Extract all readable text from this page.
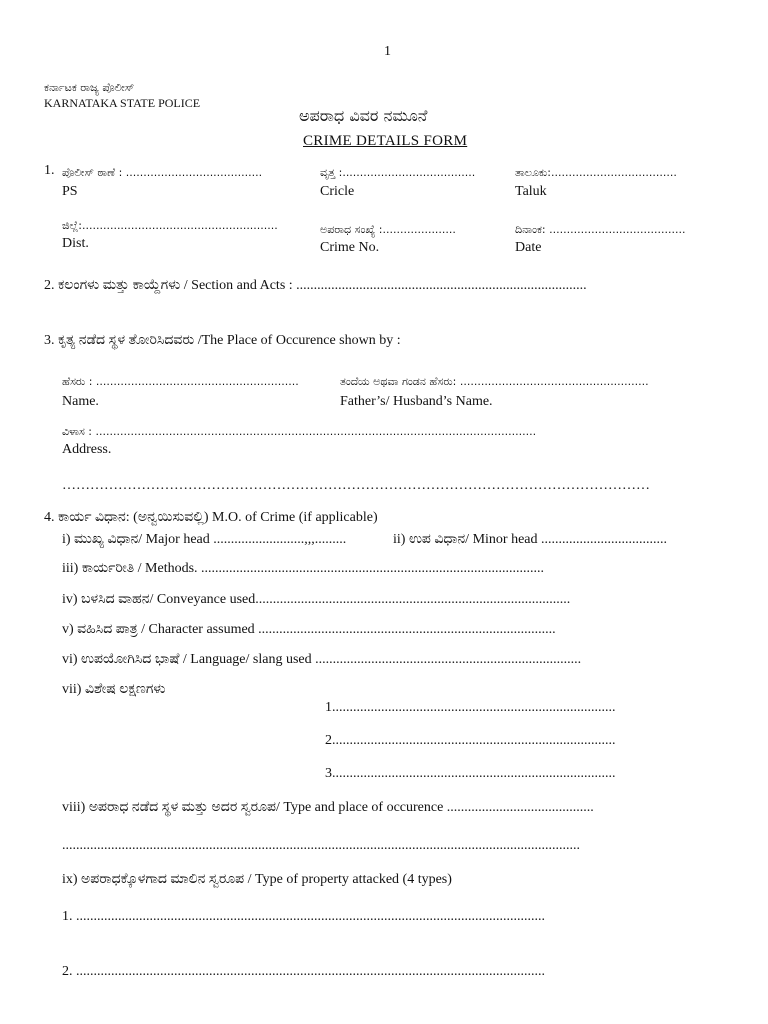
1
ಕರ್ನಾಟಕ ರಾಜ್ಯ ಪೊಲೀಸ್
KARNATAKA STATE POLICE
ಅಪರಾಧ ವಿವರ ನಮೂನೆ
CRIME DETAILS FORM
1. ಪೊಲೀಸ್ ಠಾಣೆ : .......................................
PS
ವೃತ್ತ :......................................
Cricle
ತಾಲೂಕು:....................................
Taluk
ಜಿಲ್ಲೆ:........................................................
Dist.
ಅಪರಾಧ ಸಂಖ್ಯೆ :.....................
Crime No.
ದಿನಾಂಕ: .......................................
Date
2. ಕಲಂಗಳು ಮತ್ತು ಕಾಯ್ದೆಗಳು / Section and Acts : ...................................................................................
3. ಕೃತ್ಯ ನಡೆದ ಸ್ಥಳ ತೋರಿಸಿದವರು /The Place of Occurence shown by :
ಹೆಸರು : ..........................................................
Name.
ತಂದೆಯ ಅಥವಾ ಗಂಡನ ಹೆಸರು: ......................................................
Father’s/ Husband’s Name.
ವಿಳಾಸ : ..............................................................................................................................
Address.
………………………………………………………………………………………………………………
4. ಕಾರ್ಯ ವಿಧಾನ: (ಅನ್ವಯಿಸುವಲ್ಲಿ) M.O. of Crime (if applicable)
i) ಮುಖ್ಯ ವಿಧಾನ/ Major head ..........................,,,.........	ii) ಉಪ ವಿಧಾನ/ Minor head ....................................
iii) ಕಾರ್ಯರೀತಿ / Methods. ..................................................................................................
iv) ಬಳಸಿದ ವಾಹನ/ Conveyance used..........................................................................................
v) ವಹಿಸಿದ ಪಾತ್ರ / Character assumed .....................................................................................
vi) ಉಪಯೋಗಿಸಿದ ಭಾಷೆ / Language/ slang used ............................................................................
vii) ವಿಶೇಷ ಲಕ್ಷಣಗಳು
1.................................................................................
2.................................................................................
3.................................................................................
viii) ಅಪರಾಧ ನಡೆದ ಸ್ಥಳ ಮತ್ತು ಅದರ ಸ್ವರೂಪ/ Type and place of occurence ..........................................
....................................................................................................................................................
ix) ಅಪರಾಧಕ್ಕೊಳಗಾದ ಮಾಲಿನ ಸ್ವರೂಪ / Type of property attacked (4 types)
1. ......................................................................................................................................
2. ......................................................................................................................................
